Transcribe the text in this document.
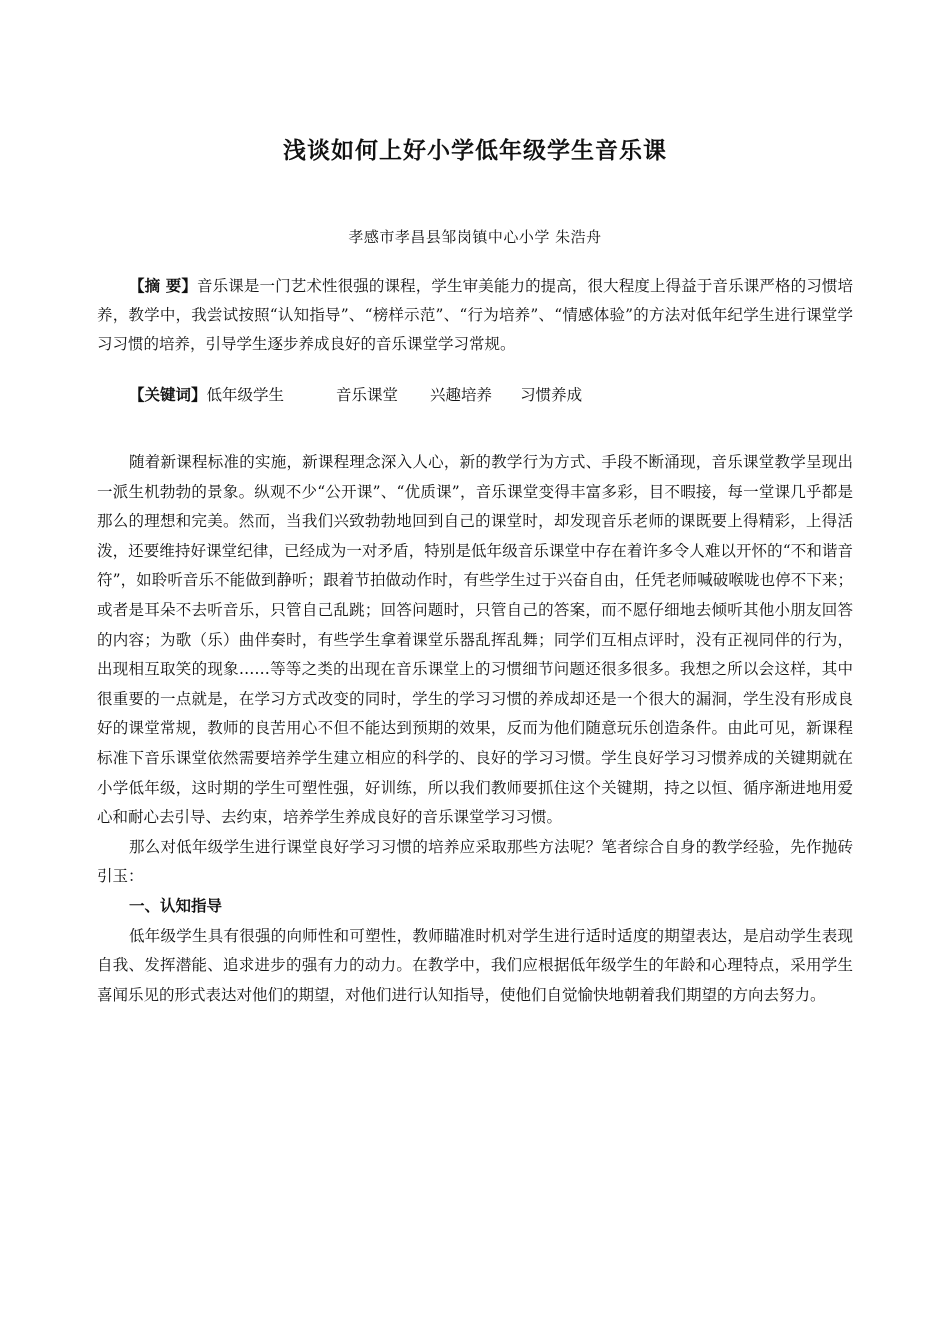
浅谈如何上好小学低年级学生音乐课
孝感市孝昌县邹岗镇中心小学 朱浩舟

【摘 要】音乐课是一门艺术性很强的课程，学生审美能力的提高，很大程度上得益于音乐课严格的习惯培养，教学中，我尝试按照“认知指导”、“榜样示范”、“行为培养”、“情感体验”的方法对低年纪学生进行课堂学习习惯的培养，引导学生逐步养成良好的音乐课堂学习常规。

【关键词】低年级学生	音乐课堂 兴趣培养 习惯养成

随着新课程标准的实施，新课程理念深入人心，新的教学行为方式、手段不断涌现，音乐课堂教学呈现出一派生机勃勃的景象。纵观不少“公开课”、“优质课”，音乐课堂变得丰富多彩，目不暇接，每一堂课几乎都是那么的理想和完美。然而，当我们兴致勃勃地回到自己的课堂时，却发现音乐老师的课既要上得精彩，上得活泼，还要维持好课堂纪律，已经成为一对矛盾，特别是低年级音乐课堂中存在着许多令人难以开怀的“不和谐音符”，如聆听音乐不能做到静听；跟着节拍做动作时，有些学生过于兴奋自由，任凭老师喊破喉咙也停不下来；或者是耳朵不去听音乐，只管自己乱跳；回答问题时，只管自己的答案，而不愿仔细地去倾听其他小朋友回答的内容；为歌（乐）曲伴奏时，有些学生拿着课堂乐器乱挥乱舞；同学们互相点评时，没有正视同伴的行为，出现相互取笑的现象……等等之类的出现在音乐课堂上的习惯细节问题还很多很多。我想之所以会这样，其中很重要的一点就是，在学习方式改变的同时，学生的学习习惯的养成却还是一个很大的漏洞，学生没有形成良好的课堂常规，教师的良苦用心不但不能达到预期的效果，反而为他们随意玩乐创造条件。由此可见，新课程标准下音乐课堂依然需要培养学生建立相应的科学的、良好的学习习惯。学生良好学习习惯养成的关键期就在小学低年级，这时期的学生可塑性强，好训练，所以我们教师要抓住这个关键期，持之以恒、循序渐进地用爱心和耐心去引导、去约束，培养学生养成良好的音乐课堂学习习惯。

那么对低年级学生进行课堂良好学习习惯的培养应采取那些方法呢？笔者综合自身的教学经验，先作抛砖引玉：

一、认知指导

低年级学生具有很强的向师性和可塑性，教师瞄准时机对学生进行适时适度的期望表达，是启动学生表现自我、发挥潜能、追求进步的强有力的动力。在教学中，我们应根据低年级学生的年龄和心理特点，采用学生喜闻乐见的形式表达对他们的期望，对他们进行认知指导，使他们自觉愉快地朝着我们期望的方向去努力。
